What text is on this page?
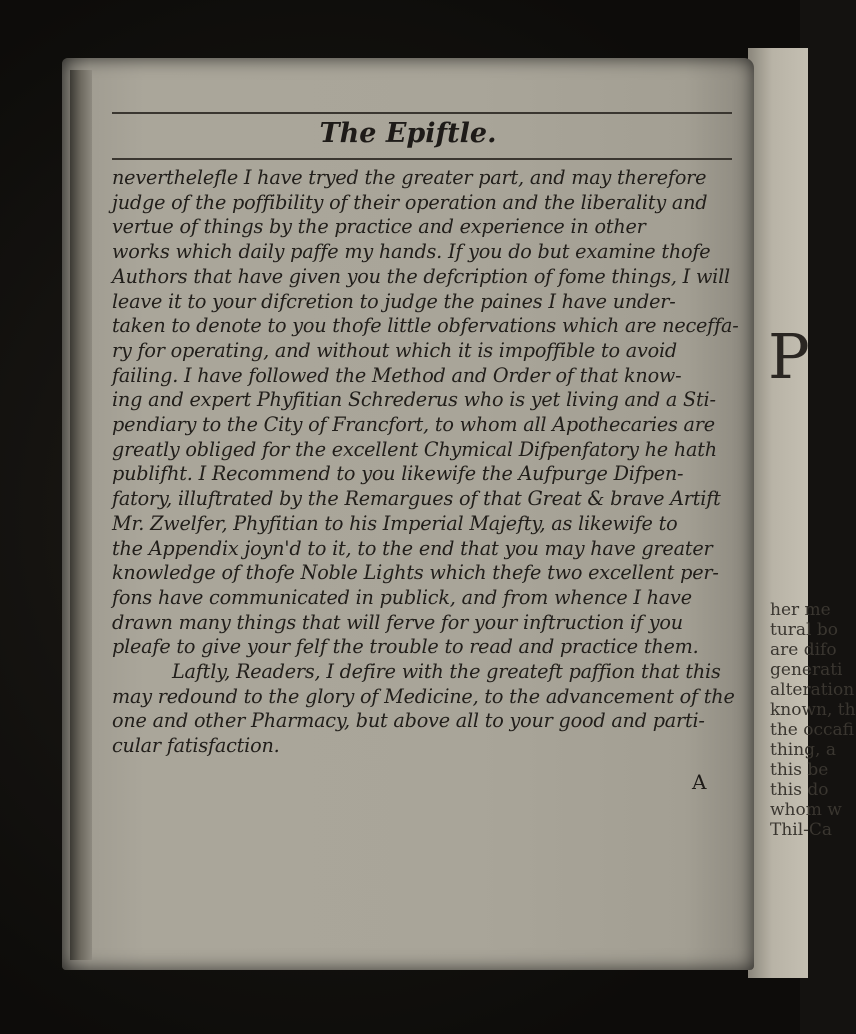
P
her me
tural bo
are difo
generati
alteration
known, th
the occafi
thing, a
this be
this do
whom w
Thil-Ca
The Epiftle.
neverthelefle I have tryed the greater part, and may therefore
judge of the poffibility of their operation and the liberality and
vertue of things by the practice and experience in other
works which daily paffe my hands. If you do but examine thofe
Authors that have given you the defcription of fome things, I will
leave it to your difcretion to judge the paines I have under-
taken to denote to you thofe little obfervations which are neceffa-
ry for operating, and without which it is impoffible to avoid
failing. I have followed the Method and Order of that know-
ing and expert Phyfitian Schrederus who is yet living and a Sti-
pendiary to the City of Francfort, to whom all Apothecaries are
greatly obliged for the excellent Chymical Difpenfatory he hath
publifht. I Recommend to you likewife the Aufpurge Difpen-
fatory, illuftrated by the Remargues of that Great & brave Artift
Mr. Zwelfer, Phyfitian to his Imperial Majefty, as likewife to
the Appendix joyn'd to it, to the end that you may have greater
knowledge of thofe Noble Lights which thefe two excellent per-
fons have communicated in publick, and from whence I have
drawn many things that will ferve for your inftruction if you
pleafe to give your felf the trouble to read and practice them.
Laftly, Readers, I defire with the greateft paffion that this
may redound to the glory of Medicine, to the advancement of the
one and other Pharmacy, but above all to your good and parti-
cular fatisfaction.
A
